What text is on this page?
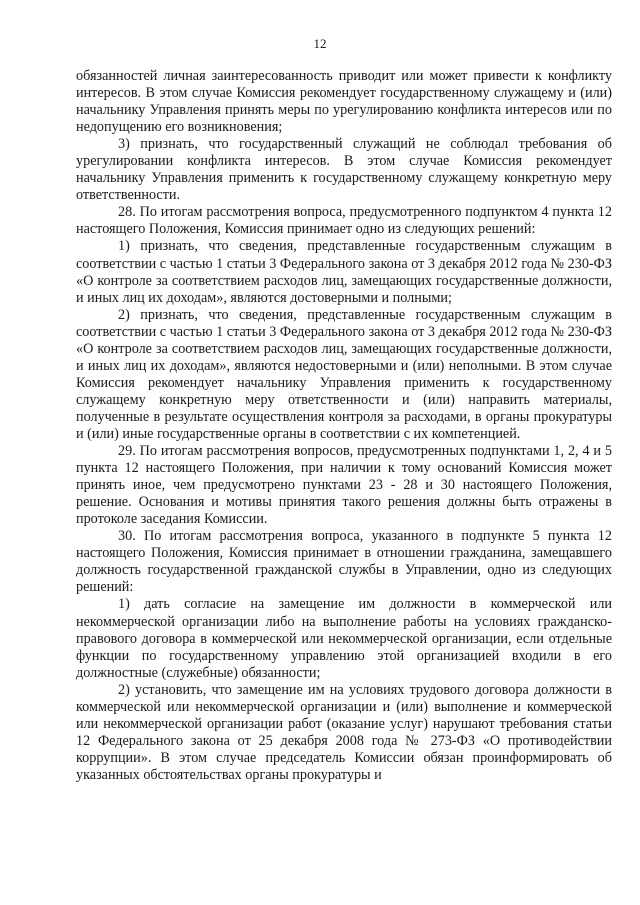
12

обязанностей личная заинтересованность приводит или может привести к конфликту интересов. В этом случае Комиссия рекомендует государственному служащему и (или) начальнику Управления принять меры по урегулированию конфликта интересов или по недопущению его возникновения;

3) признать, что государственный служащий не соблюдал требования об урегулировании конфликта интересов. В этом случае Комиссия рекомендует начальнику Управления применить к государственному служащему конкретную меру ответственности.

28. По итогам рассмотрения вопроса, предусмотренного подпунктом 4 пункта 12 настоящего Положения, Комиссия принимает одно из следующих решений:

1) признать, что сведения, представленные государственным служащим в соответствии с частью 1 статьи 3 Федерального закона от 3 декабря 2012 года № 230-ФЗ «О контроле за соответствием расходов лиц, замещающих государственные должности, и иных лиц их доходам», являются достоверными и полными;

2) признать, что сведения, представленные государственным служащим в соответствии с частью 1 статьи 3 Федерального закона от 3 декабря 2012 года № 230-ФЗ «О контроле за соответствием расходов лиц, замещающих государственные должности, и иных лиц их доходам», являются недостоверными и (или) неполными. В этом случае Комиссия рекомендует начальнику Управления применить к государственному служащему конкретную меру ответственности и (или) направить материалы, полученные в результате осуществления контроля за расходами, в органы прокуратуры и (или) иные государственные органы в соответствии с их компетенцией.

29. По итогам рассмотрения вопросов, предусмотренных подпунктами 1, 2, 4 и 5 пункта 12 настоящего Положения, при наличии к тому оснований Комиссия может принять иное, чем предусмотрено пунктами 23 - 28 и 30 настоящего Положения, решение. Основания и мотивы принятия такого решения должны быть отражены в протоколе заседания Комиссии.

30. По итогам рассмотрения вопроса, указанного в подпункте 5 пункта 12 настоящего Положения, Комиссия принимает в отношении гражданина, замещавшего должность государственной гражданской службы в Управлении, одно из следующих решений:

1) дать согласие на замещение им должности в коммерческой или некоммерческой организации либо на выполнение работы на условиях гражданско-правового договора в коммерческой или некоммерческой организации, если отдельные функции по государственному управлению этой организацией входили в его должностные (служебные) обязанности;

2) установить, что замещение им на условиях трудового договора должности в коммерческой или некоммерческой организации и (или) выполнение и коммерческой или некоммерческой организации работ (оказание услуг) нарушают требования статьи 12 Федерального закона от 25 декабря 2008 года № 273-ФЗ «О противодействии коррупции». В этом случае председатель Комиссии обязан проинформировать об указанных обстоятельствах органы прокуратуры и
